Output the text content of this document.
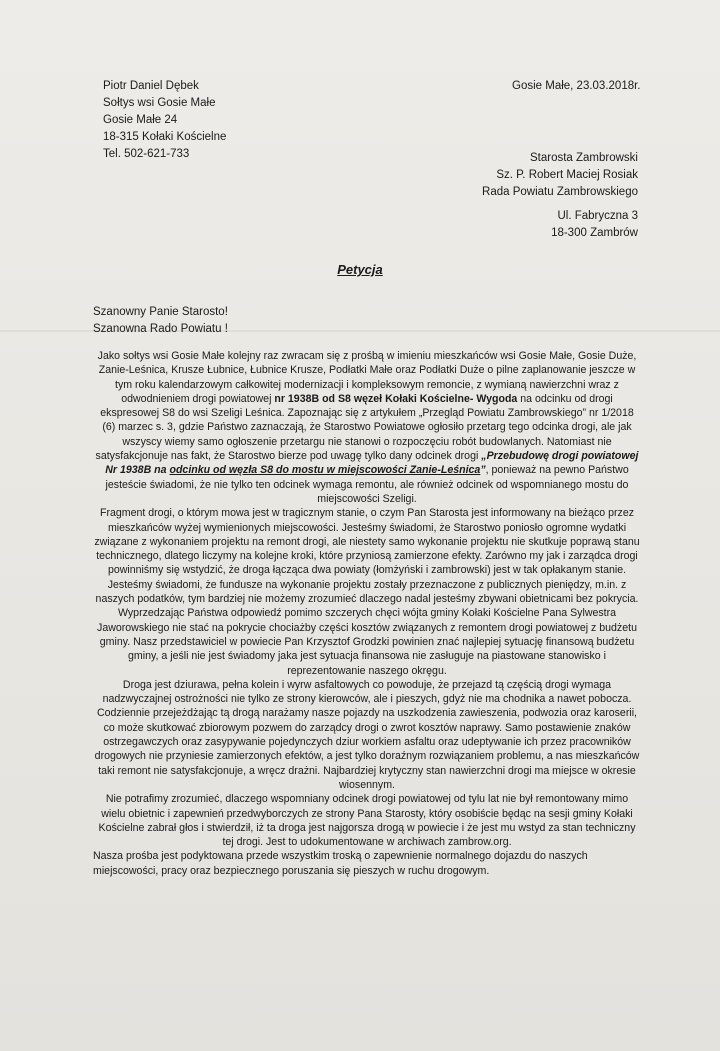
Piotr Daniel Dębek
Sołtys wsi Gosie Małe
Gosie Małe 24
18-315 Kołaki Kościelne
Tel. 502-621-733
Gosie Małe, 23.03.2018r.
Starosta Zambrowski
Sz. P. Robert Maciej Rosiak
Rada Powiatu Zambrowskiego
Ul. Fabryczna 3
18-300 Zambrów
Petycja
Szanowny Panie Starosto!
Szanowna Rado Powiatu !

Jako sołtys wsi Gosie Małe kolejny raz zwracam się z prośbą w imieniu mieszkańców wsi Gosie Małe, Gosie Duże, Zanie-Leśnica, Krusze Łubnice, Łubnice Krusze, Podłatki Małe oraz Podłatki Duże o pilne zaplanowanie jeszcze w tym roku kalendarzowym całkowitej modernizacji i kompleksowym remoncie, z wymianą nawierzchni wraz z odwodnieniem drogi powiatowej nr 1938B od S8 węzeł Kołaki Kościelne- Wygoda na odcinku od drogi ekspresowej S8 do wsi Szeligi Leśnica. Zapoznając się z artykułem „Przegląd Powiatu Zambrowskiego” nr 1/2018 (6) marzec s. 3, gdzie Państwo zaznaczają, że Starostwo Powiatowe ogłosiło przetarg tego odcinka drogi, ale jak wszyscy wiemy samo ogłoszenie przetargu nie stanowi o rozpoczęciu robót budowlanych. Natomiast nie satysfakcjonuje nas fakt, że Starostwo bierze pod uwagę tylko dany odcinek drogi „Przebudowę drogi powiatowej Nr 1938B na odcinku od węzła S8 do mostu w miejscowości Zanie-Leśnica”, ponieważ na pewno Państwo jesteście świadomi, że nie tylko ten odcinek wymaga remontu, ale również odcinek od wspomnianego mostu do miejscowości Szeligi.

Fragment drogi, o którym mowa jest w tragicznym stanie, o czym Pan Starosta jest informowany na bieżąco przez mieszkańców wyżej wymienionych miejscowości. Jesteśmy świadomi, że Starostwo poniosło ogromne wydatki związane z wykonaniem projektu na remont drogi, ale niestety samo wykonanie projektu nie skutkuje poprawą stanu technicznego, dlatego liczymy na kolejne kroki, które przyniosą zamierzone efekty. Zarówno my jak i zarządca drogi powinniśmy się wstydzić, że droga łącząca dwa powiaty (łomżyński i zambrowski) jest w tak opłakanym stanie. Jesteśmy świadomi, że fundusze na wykonanie projektu zostały przeznaczone z publicznych pieniędzy, m.in. z naszych podatków, tym bardziej nie możemy zrozumieć dlaczego nadal jesteśmy zbywani obietnicami bez pokrycia. Wyprzedzając Państwa odpowiedź pomimo szczerych chęci wójta gminy Kołaki Kościelne Pana Sylwestra Jaworowskiego nie stać na pokrycie chociażby części kosztów związanych z remontem drogi powiatowej z budżetu gminy. Nasz przedstawiciel w powiecie Pan Krzysztof Grodzki powinien znać najlepiej sytuację finansową budżetu gminy, a jeśli nie jest świadomy jaka jest sytuacja finansowa nie zasługuje na piastowane stanowisko i reprezentowanie naszego okręgu.

Droga jest dziurawa, pełna kolein i wyrw asfaltowych co powoduje, że przejazd tą częścią drogi wymaga nadzwyczajnej ostrożności nie tylko ze strony kierowców, ale i pieszych, gdyż nie ma chodnika a nawet pobocza. Codziennie przejeżdżając tą drogą narażamy nasze pojazdy na uszkodzenia zawieszenia, podwozia oraz karoserii, co może skutkować zbiorowym pozwem do zarządcy drogi o zwrot kosztów naprawy. Samo postawienie znaków ostrzegawczych oraz zasypywanie pojedynczych dziur workiem asfaltu oraz udeptywanie ich przez pracowników drogowych nie przyniesie zamierzonych efektów, a jest tylko doraźnym rozwiązaniem problemu, a nas mieszkańców taki remont nie satysfakcjonuje, a wręcz drażni. Najbardziej krytyczny stan nawierzchni drogi ma miejsce w okresie wiosennym.

Nie potrafimy zrozumieć, dlaczego wspomniany odcinek drogi powiatowej od tylu lat nie był remontowany mimo wielu obietnic i zapewnień przedwyborczych ze strony Pana Starosty, który osobiście będąc na sesji gminy Kołaki Kościelne zabrał głos i stwierdził, iż ta droga jest najgorsza drogą w powiecie i że jest mu wstyd za stan techniczny tej drogi. Jest to udokumentowane w archiwach zambrow.org.

Nasza prośba jest podyktowana przede wszystkim troską o zapewnienie normalnego dojazdu do naszych miejscowości, pracy oraz bezpiecznego poruszania się pieszych w ruchu drogowym.
